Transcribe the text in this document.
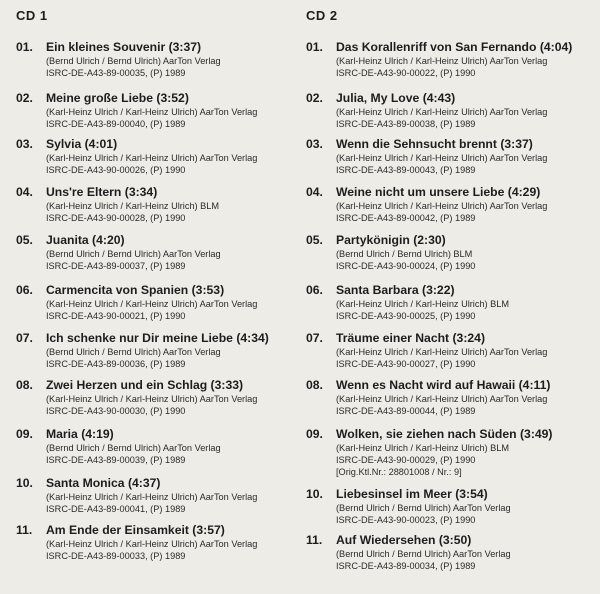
CD 1
01.	Ein kleines Souvenir (3:37)
(Bernd Ulrich / Bernd Ulrich) AarTon Verlag
ISRC-DE-A43-89-00035, (P) 1989
02.	Meine große Liebe (3:52)
(Karl-Heinz Ulrich / Karl-Heinz Ulrich) AarTon Verlag
ISRC-DE-A43-89-00040, (P) 1989
03.	Sylvia (4:01)
(Karl-Heinz Ulrich / Karl-Heinz Ulrich) AarTon Verlag
ISRC-DE-A43-90-00026, (P) 1990
04.	Uns're Eltern (3:34)
(Karl-Heinz Ulrich / Karl-Heinz Ulrich) BLM
ISRC-DE-A43-90-00028, (P) 1990
05.	Juanita (4:20)
(Bernd Ulrich / Bernd Ulrich) AarTon Verlag
ISRC-DE-A43-89-00037, (P) 1989
06.	Carmencita von Spanien (3:53)
(Karl-Heinz Ulrich / Karl-Heinz Ulrich) AarTon Verlag
ISRC-DE-A43-90-00021, (P) 1990
07.	Ich schenke nur Dir meine Liebe (4:34)
(Bernd Ulrich / Bernd Ulrich) AarTon Verlag
ISRC-DE-A43-89-00036, (P) 1989
08.	Zwei Herzen und ein Schlag (3:33)
(Karl-Heinz Ulrich / Karl-Heinz Ulrich) AarTon Verlag
ISRC-DE-A43-90-00030, (P) 1990
09.	Maria (4:19)
(Bernd Ulrich / Bernd Ulrich) AarTon Verlag
ISRC-DE-A43-89-00039, (P) 1989
10.	Santa Monica (4:37)
(Karl-Heinz Ulrich / Karl-Heinz Ulrich) AarTon Verlag
ISRC-DE-A43-89-00041, (P) 1989
11.	Am Ende der Einsamkeit (3:57)
(Karl-Heinz Ulrich / Karl-Heinz Ulrich) AarTon Verlag
ISRC-DE-A43-89-00033, (P) 1989
CD 2
01.	Das Korallenriff von San Fernando (4:04)
(Karl-Heinz Ulrich / Karl-Heinz Ulrich) AarTon Verlag
ISRC-DE-A43-90-00022, (P) 1990
02.	Julia, My Love (4:43)
(Karl-Heinz Ulrich / Karl-Heinz Ulrich) AarTon Verlag
ISRC-DE-A43-89-00038, (P) 1989
03.	Wenn die Sehnsucht brennt (3:37)
(Karl-Heinz Ulrich / Karl-Heinz Ulrich) AarTon Verlag
ISRC-DE-A43-89-00043, (P) 1989
04.	Weine nicht um unsere Liebe (4:29)
(Karl-Heinz Ulrich / Karl-Heinz Ulrich) AarTon Verlag
ISRC-DE-A43-89-00042, (P) 1989
05.	Partykönigin (2:30)
(Bernd Ulrich / Bernd Ulrich) BLM
ISRC-DE-A43-90-00024, (P) 1990
06.	Santa Barbara (3:22)
(Karl-Heinz Ulrich / Karl-Heinz Ulrich) BLM
ISRC-DE-A43-90-00025, (P) 1990
07.	Träume einer Nacht (3:24)
(Karl-Heinz Ulrich / Karl-Heinz Ulrich) AarTon Verlag
ISRC-DE-A43-90-00027, (P) 1990
08.	Wenn es Nacht wird auf Hawaii (4:11)
(Karl-Heinz Ulrich / Karl-Heinz Ulrich) AarTon Verlag
ISRC-DE-A43-89-00044, (P) 1989
09.	Wolken, sie ziehen nach Süden (3:49)
(Karl-Heinz Ulrich / Karl-Heinz Ulrich) BLM
ISRC-DE-A43-90-00029, (P) 1990
[Orig.Ktl.Nr.: 28801008 / Nr.: 9]
10.	Liebesinsel im Meer (3:54)
(Bernd Ulrich / Bernd Ulrich) AarTon Verlag
ISRC-DE-A43-90-00023, (P) 1990
11.	Auf Wiedersehen (3:50)
(Bernd Ulrich / Bernd Ulrich) AarTon Verlag
ISRC-DE-A43-89-00034, (P) 1989
